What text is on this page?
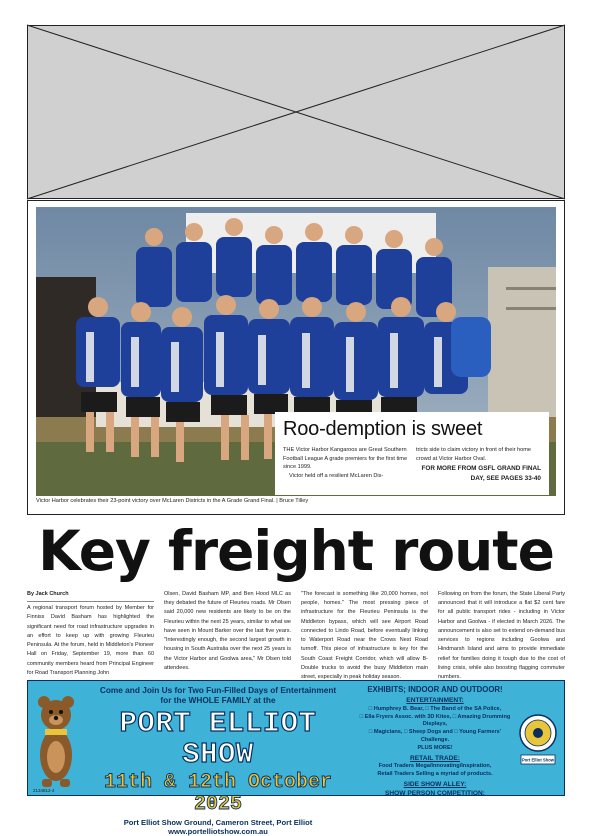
Victor Harbor celebrates their 23-point victory over McLaren Districts in the A Grade Grand Final. | Bruce Tilley
Roo-demption is sweet

THE Victor Harbor Kangaroos are Great Southern Football League A grade premiers for the first time since 1999.

Victor held off a resilient McLaren Dis-

tricts side to claim victory in front of their home crowd at Victor Harbor Oval.

FOR MORE FROM GSFL GRAND FINAL DAY, SEE PAGES 33-40

Key freight route
By Jack Church

A regional transport forum hosted by Member for Finniss David Basham has highlighted the significant need for road infrastructure upgrades in an effort to keep up with growing Fleurieu Peninsula. At the forum, held in Middleton's Pioneer Hall on Friday, September 19, more than 60 community members heard from Principal Engineer for Road Transport Planning John

Olsen, David Basham MP, and Ben Hood MLC as they debated the future of Fleurieu roads. Mr Olsen said 20,000 new residents are likely to be on the Fleurieu within the next 25 years, similar to what we have seen in Mount Barker over the last five years. "Interestingly enough, the second largest growth in housing in South Australia over the next 25 years is the Victor Harbor and Goolwa area," Mr Olsen told attendees.

"The forecast is something like 20,000 homes, not people, homes." The most pressing piece of infrastructure for the Fleurieu Peninsula is the Middleton bypass, which will see Airport Road connected to Lindo Road, before eventually linking to Waterport Road near the Crows Nest Road turnoff. This piece of infrastructure is key for the South Coast Freight Corridor, which will allow B-Double trucks to avoid the busy Middleton main street, especially in peak holiday season.

Following on from the forum, the State Liberal Party announced that it will introduce a flat $2 cent fare for all public transport rides - including in Victor Harbor and Goolwa - if elected in March 2026. The announcement is also set to extend on-demand bus services to regions including Goolwa and Hindmarsh Island and aims to provide immediate relief for families doing it tough due to the cost of living crisis, while also boosting flagging commuter numbers.

Come and Join Us for Two Fun-Filled Days of Entertainment
for the WHOLE FAMILY at the
PORT ELLIOT SHOW
11th & 12th October 2025
Port Elliot Show Ground, Cameron Street, Port Elliot
www.portelliotshow.com.au
EXHIBITS; INDOOR AND OUTDOOR!
ENTERTAINMENT:
□ Humphrey B. Bear, □ The Band of the SA Police,
□ Ella Fryers Assoc. with 3D Kites, □ Amazing Drumming Displays,
□ Magicians, □ Sheep Dogs and □ Young Farmers' Challenge.
PLUS MORE!
RETAIL TRADE:
Food Traders Mega/Innovating/Inspiration,
Retail Traders Selling a myriad of products.
SIDE SHOW ALLEY:
SHOW PERSON COMPETITION:
Port Elliot Show
2134812-4
